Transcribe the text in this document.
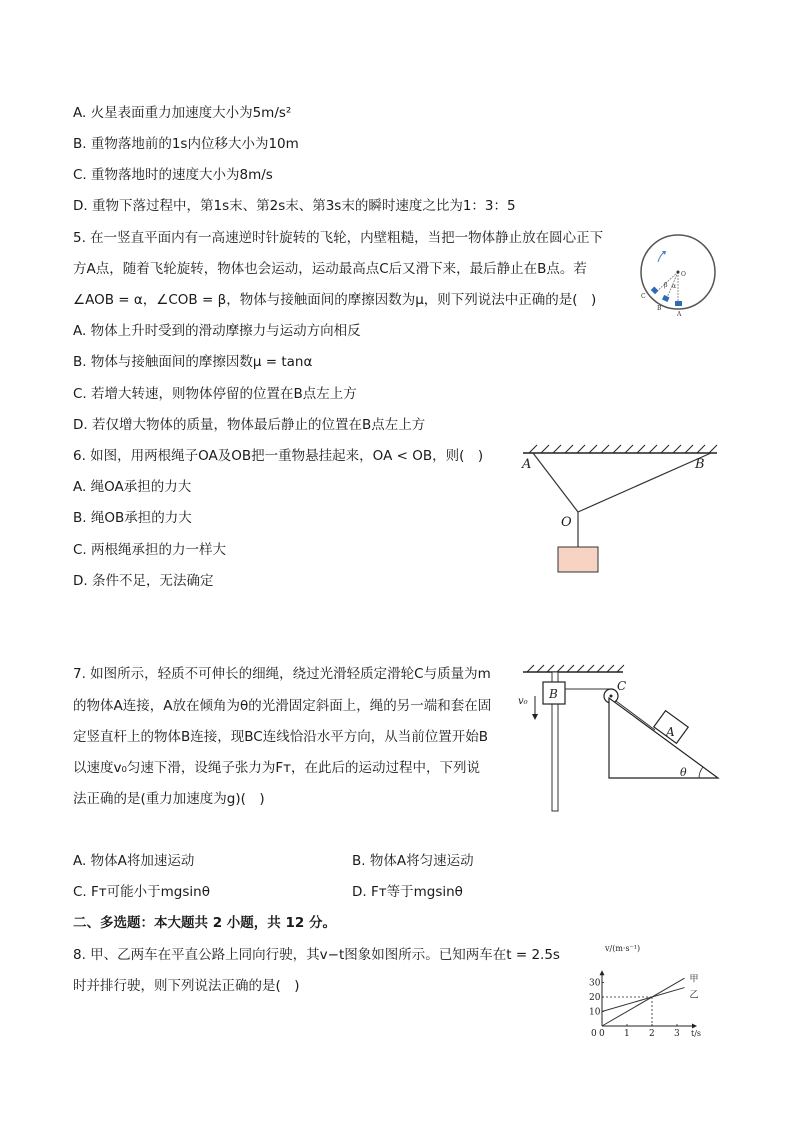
A. 火星表面重力加速度大小为5m/s²
B. 重物落地前的1s内位移大小为10m
C. 重物落地时的速度大小为8m/s
D. 重物下落过程中，第1s末、第2s末、第3s末的瞬时速度之比为1：3：5
5. 在一竖直平面内有一高速逆时针旋转的飞轮，内壁粗糙，当把一物体静止放在圆心正下
方A点，随着飞轮旋转，物体也会运动，运动最高点C后又滑下来，最后静止在B点。若
∠AOB = α，∠COB = β，物体与接触面间的摩擦因数为μ，则下列说法中正确的是(　)
A. 物体上升时受到的滑动摩擦力与运动方向相反
B. 物体与接触面间的摩擦因数μ = tanα
C. 若增大转速，则物体停留的位置在B点左上方
D. 若仅增大物体的质量，物体最后静止的位置在B点左上方
O
α
β
A
B
C
6. 如图，用两根绳子OA及OB把一重物悬挂起来，OA < OB，则(　)
A. 绳OA承担的力大
B. 绳OB承担的力大
C. 两根绳承担的力一样大
D. 条件不足，无法确定
A	B
O
7. 如图所示，轻质不可伸长的细绳，绕过光滑轻质定滑轮C与质量为m
的物体A连接，A放在倾角为θ的光滑固定斜面上，绳的另一端和套在固
定竖直杆上的物体B连接，现BC连线恰沿水平方向，从当前位置开始B
以速度v₀匀速下滑，设绳子张力为Fᴛ，在此后的运动过程中，下列说
法正确的是(重力加速度为g)(　)
A. 物体A将加速运动	B. 物体A将匀速运动
C. Fᴛ可能小于mgsinθ	D. Fᴛ等于mgsinθ
B
v₀
C
A
θ
二、多选题：本大题共 2 小题，共 12 分。
8. 甲、乙两车在平直公路上同向行驶，其v−t图象如图所示。已知两车在t = 2.5s
时并排行驶，则下列说法正确的是(　)
0 1 2 3
10
20
30	甲
乙
v/(m·s⁻¹)
t/s
0
